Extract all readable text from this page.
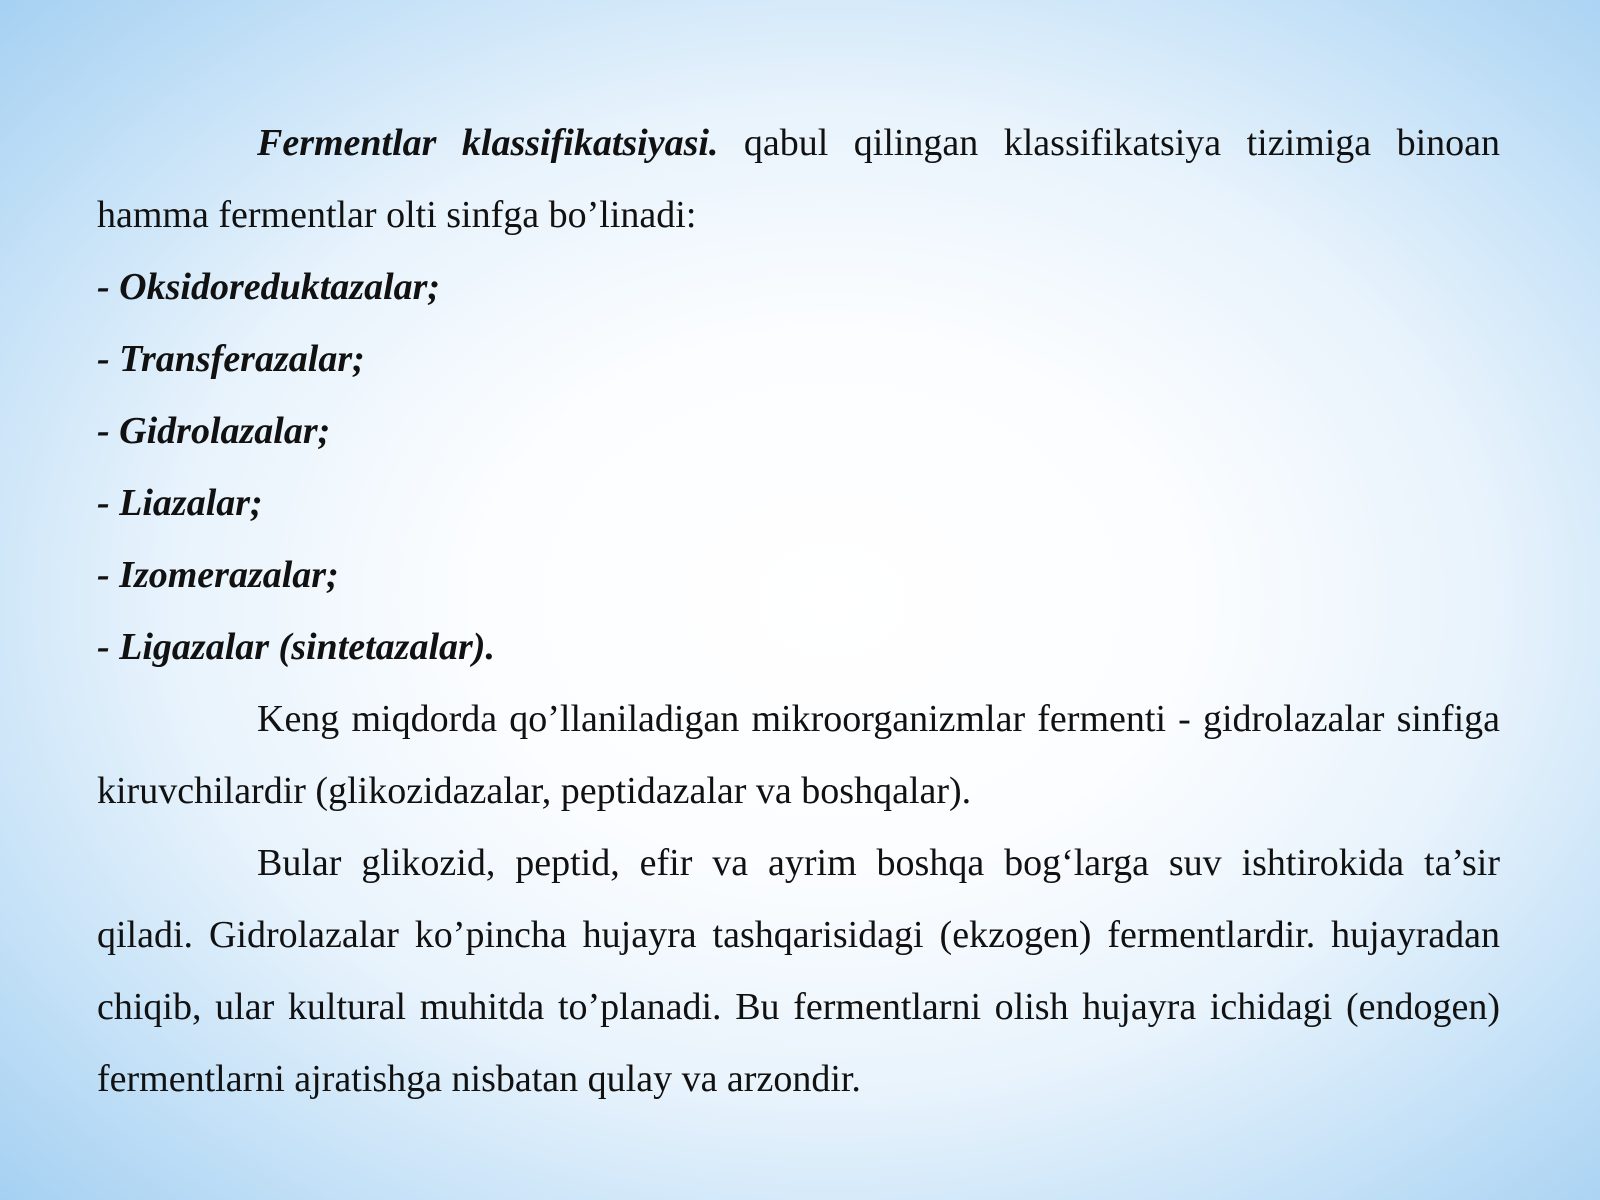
Fermentlar klassifikatsiyasi. qabul qilingan klassifikatsiya tizimiga binoan hamma fermentlar olti sinfga bo’linadi:

- Oksidoreduktazalar;

- Transferazalar;

- Gidrolazalar;

- Liazalar;

- Izomerazalar;

- Ligazalar (sintetazalar).

Keng miqdorda qo’llaniladigan mikroorganizmlar fermenti - gidrolazalar sinfiga kiruvchilardir (glikozidazalar, peptidazalar va boshqalar).

Bular glikozid, peptid, efir va ayrim boshqa bog‘larga suv ishtirokida ta’sir qiladi. Gidrolazalar ko’pincha hujayra tashqarisidagi (ekzogen) fermentlardir. hujayradan chiqib, ular kultural muhitda to’planadi. Bu fermentlarni olish hujayra ichidagi (endogen) fermentlarni ajratishga nisbatan qulay va arzondir.
